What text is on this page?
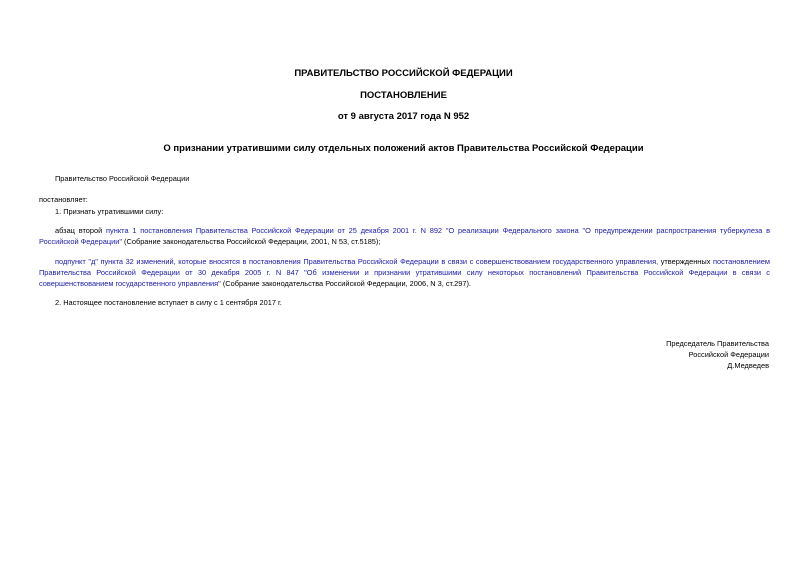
ПРАВИТЕЛЬСТВО РОССИЙСКОЙ ФЕДЕРАЦИИ
ПОСТАНОВЛЕНИЕ
от 9 августа 2017 года N 952
О признании утратившими силу отдельных положений актов Правительства Российской Федерации
Правительство Российской Федерации
постановляет:
1. Признать утратившими силу:
абзац второй пункта 1 постановления Правительства Российской Федерации от 25 декабря 2001 г. N 892 "О реализации Федерального закона "О предупреждении распространения туберкулеза в Российской Федерации" (Собрание законодательства Российской Федерации, 2001, N 53, ст.5185);
подпункт "д" пункта 32 изменений, которые вносятся в постановления Правительства Российской Федерации в связи с совершенствованием государственного управления, утвержденных постановлением Правительства Российской Федерации от 30 декабря 2005 г. N 847 "Об изменении и признании утратившими силу некоторых постановлений Правительства Российской Федерации в связи с совершенствованием государственного управления" (Собрание законодательства Российской Федерации, 2006, N 3, ст.297).
2. Настоящее постановление вступает в силу с 1 сентября 2017 г.
Председатель Правительства
Российской Федерации
Д.Медведев
